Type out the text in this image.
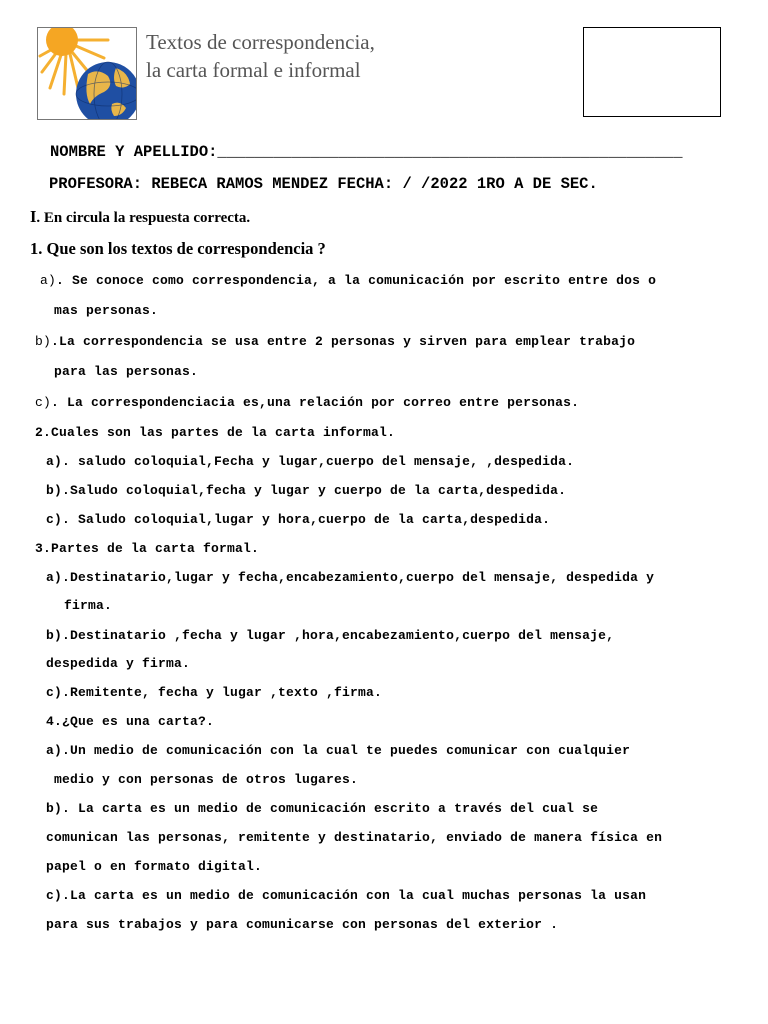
Textos de correspondencia,
la carta formal e informal
NOMBRE Y APELLIDO:__________________________________________________
PROFESORA: REBECA RAMOS MENDEZ FECHA: / /2022 1RO A DE SEC.
I. En circula la respuesta correcta.
1. Que son los textos de correspondencia ?
a). Se conoce como correspondencia, a la comunicación por escrito entre dos o
mas personas.
b).La correspondencia se usa entre 2 personas y sirven para emplear trabajo
para las personas.
c). La correspondenciacia es,una relación por correo entre personas.
2.Cuales son las partes de la carta informal.
a). saludo coloquial,Fecha y lugar,cuerpo del mensaje, ,despedida.
b).Saludo coloquial,fecha y lugar y cuerpo de la carta,despedida.
c). Saludo coloquial,lugar y hora,cuerpo de la carta,despedida.
3.Partes de la carta formal.
a).Destinatario,lugar y fecha,encabezamiento,cuerpo del mensaje, despedida y
firma.
b).Destinatario ,fecha y lugar ,hora,encabezamiento,cuerpo del mensaje,
despedida y firma.
c).Remitente, fecha y lugar ,texto ,firma.
4.¿Que es una carta?.
a).Un medio de comunicación con la cual te puedes comunicar con cualquier
medio y con personas de otros lugares.
b). La carta es un medio de comunicación escrito a través del cual se
comunican las personas, remitente y destinatario, enviado de manera física en
papel o en formato digital.
c).La carta es un medio de comunicación con la cual muchas personas la usan
para sus trabajos y para comunicarse con personas del exterior .
